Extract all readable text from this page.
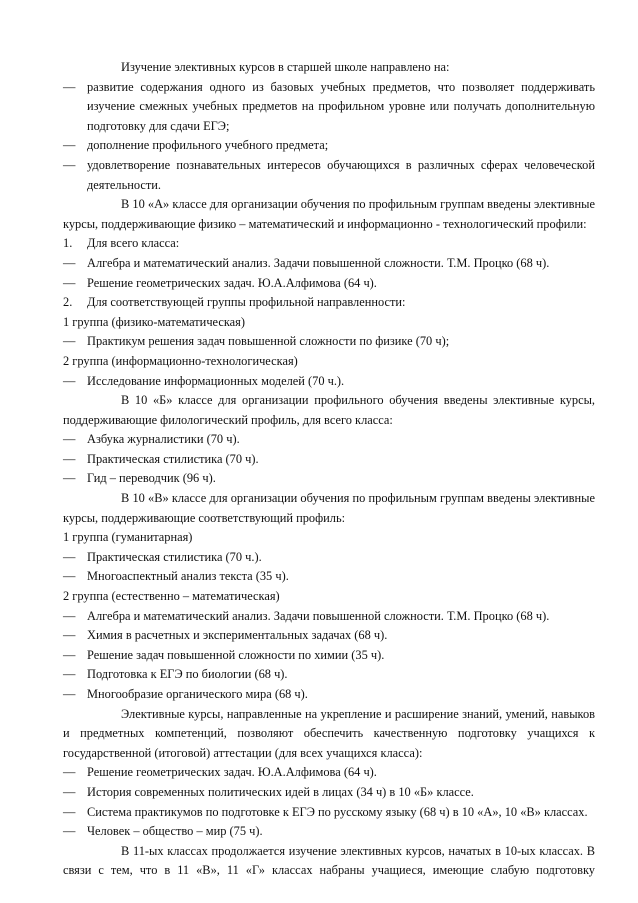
Изучение элективных курсов в старшей школе направлено на:
— развитие содержания одного из базовых учебных предметов, что позволяет поддерживать изучение смежных учебных предметов на профильном уровне или получать дополнительную подготовку для сдачи ЕГЭ;
— дополнение профильного учебного предмета;
— удовлетворение познавательных интересов обучающихся в различных сферах человеческой деятельности.
В 10 «А» классе для организации обучения по профильным группам введены элективные курсы, поддерживающие физико – математический и информационно - технологический профили:
1.	Для всего класса:
— Алгебра и математический анализ. Задачи повышенной сложности. Т.М. Процко (68 ч).
— Решение геометрических задач. Ю.А.Алфимова (64 ч).
2.	Для соответствующей группы профильной направленности:
1 группа (физико-математическая)
— Практикум решения задач повышенной сложности по физике (70 ч);
2 группа (информационно-технологическая)
— Исследование информационных моделей (70 ч.).
В 10 «Б» классе для организации профильного обучения введены элективные курсы, поддерживающие филологический профиль, для всего класса:
— Азбука журналистики (70 ч).
— Практическая стилистика (70 ч).
— Гид – переводчик (96 ч).
В 10 «В» классе для организации обучения по профильным группам введены элективные курсы, поддерживающие соответствующий профиль:
1 группа (гуманитарная)
— Практическая стилистика (70 ч.).
— Многоаспектный анализ текста (35 ч).
2 группа (естественно – математическая)
— Алгебра и математический анализ. Задачи повышенной сложности. Т.М. Процко (68 ч).
— Химия в расчетных и экспериментальных задачах (68 ч).
— Решение задач повышенной сложности по химии (35 ч).
— Подготовка к ЕГЭ по биологии (68 ч).
— Многообразие органического мира (68 ч).
Элективные курсы, направленные на укрепление и расширение знаний, умений, навыков и предметных компетенций, позволяют обеспечить качественную подготовку учащихся к государственной (итоговой) аттестации (для всех учащихся класса):
— Решение геометрических задач. Ю.А.Алфимова (64 ч).
— История современных политических идей в лицах (34 ч) в 10 «Б» классе.
— Система практикумов по подготовке к ЕГЭ по русскому языку (68 ч) в 10 «А», 10 «В» классах.
— Человек – общество – мир (75 ч).
В 11-ых классах продолжается изучение элективных курсов, начатых в 10-ых классах. В связи с тем, что в 11 «В», 11 «Г» классах набраны учащиеся, имеющие слабую подготовку
